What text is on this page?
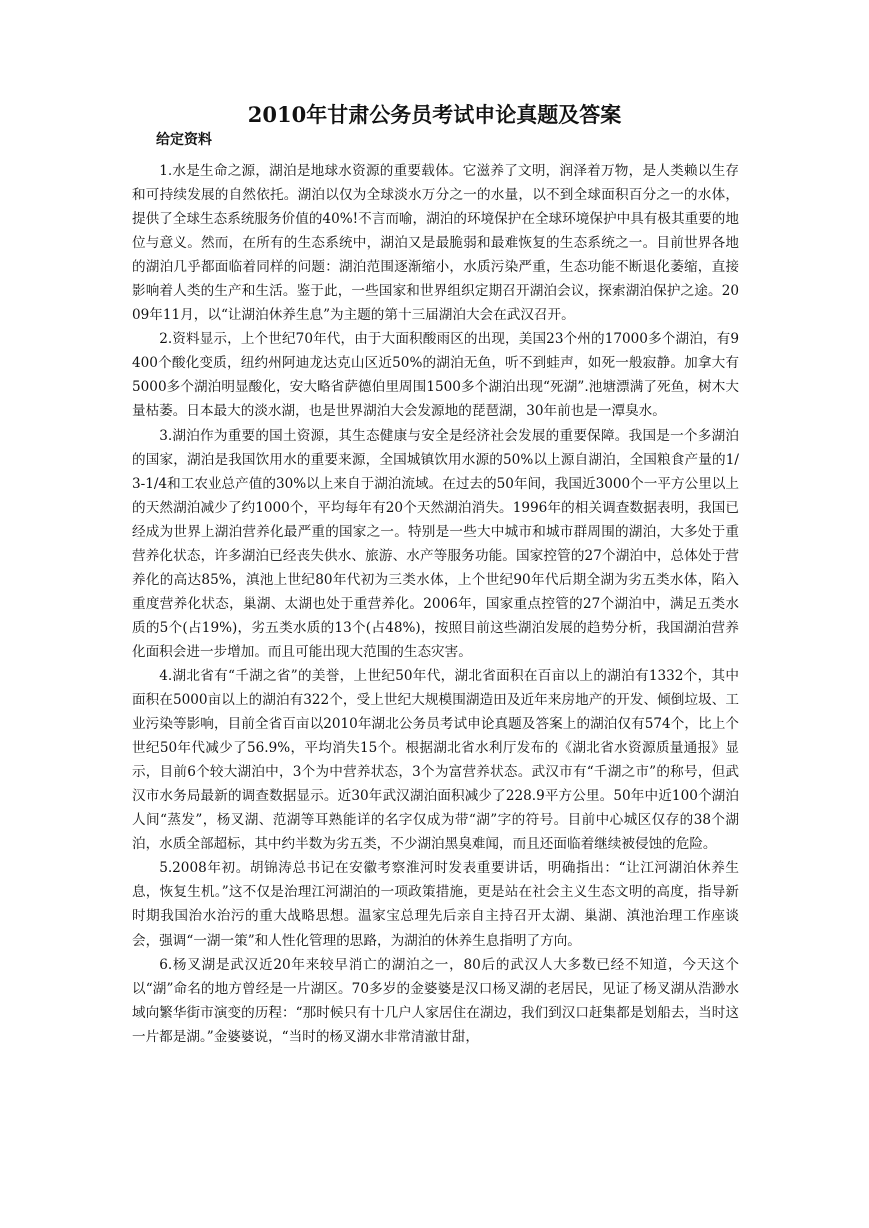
2010年甘肃公务员考试申论真题及答案
给定资料

1.水是生命之源，湖泊是地球水资源的重要载体。它滋养了文明，润泽着万物，是人类赖以生存和可持续发展的自然依托。湖泊以仅为全球淡水万分之一的水量，以不到全球面积百分之一的水体，提供了全球生态系统服务价值的40%!不言而喻，湖泊的环境保护在全球环境保护中具有极其重要的地位与意义。然而，在所有的生态系统中，湖泊又是最脆弱和最难恢复的生态系统之一。目前世界各地的湖泊几乎都面临着同样的问题：湖泊范围逐渐缩小，水质污染严重，生态功能不断退化萎缩，直接影响着人类的生产和生活。鉴于此，一些国家和世界组织定期召开湖泊会议，探索湖泊保护之途。2009年11月，以“让湖泊休养生息”为主题的第十三届湖泊大会在武汉召开。

2.资料显示，上个世纪70年代，由于大面积酸雨区的出现，美国23个州的17000多个湖泊，有9400个酸化变质，纽约州阿迪龙达克山区近50%的湖泊无鱼，听不到蛙声，如死一般寂静。加拿大有5000多个湖泊明显酸化，安大略省萨德伯里周围1500多个湖泊出现“死湖”.池塘漂满了死鱼，树木大量枯萎。日本最大的淡水湖，也是世界湖泊大会发源地的琵琶湖，30年前也是一潭臭水。

3.湖泊作为重要的国土资源，其生态健康与安全是经济社会发展的重要保障。我国是一个多湖泊的国家，湖泊是我国饮用水的重要来源，全国城镇饮用水源的50%以上源自湖泊，全国粮食产量的1/3-1/4和工农业总产值的30%以上来自于湖泊流域。在过去的50年间，我国近3000个一平方公里以上的天然湖泊减少了约1000个，平均每年有20个天然湖泊消失。1996年的相关调查数据表明，我国已经成为世界上湖泊营养化最严重的国家之一。特别是一些大中城市和城市群周围的湖泊，大多处于重营养化状态，许多湖泊已经丧失供水、旅游、水产等服务功能。国家控管的27个湖泊中，总体处于营养化的高达85%，滇池上世纪80年代初为三类水体，上个世纪90年代后期全湖为劣五类水体，陷入重度营养化状态，巢湖、太湖也处于重营养化。2006年，国家重点控管的27个湖泊中，满足五类水质的5个(占19%)，劣五类水质的13个(占48%)，按照目前这些湖泊发展的趋势分析，我国湖泊营养化面积会进一步增加。而且可能出现大范围的生态灾害。

4.湖北省有“千湖之省”的美誉，上世纪50年代，湖北省面积在百亩以上的湖泊有1332个，其中面积在5000亩以上的湖泊有322个，受上世纪大规模围湖造田及近年来房地产的开发、倾倒垃圾、工业污染等影响，目前全省百亩以2010年湖北公务员考试申论真题及答案上的湖泊仅有574个，比上个世纪50年代减少了56.9%，平均消失15个。根据湖北省水利厅发布的《湖北省水资源质量通报》显示，目前6个较大湖泊中，3个为中营养状态，3个为富营养状态。武汉市有“千湖之市”的称号，但武汉市水务局最新的调查数据显示。近30年武汉湖泊面积减少了228.9平方公里。50年中近100个湖泊人间“蒸发”，杨叉湖、范湖等耳熟能详的名字仅成为带“湖”字的符号。目前中心城区仅存的38个湖泊，水质全部超标，其中约半数为劣五类，不少湖泊黑臭难闻，而且还面临着继续被侵蚀的危险。

5.2008年初。胡锦涛总书记在安徽考察淮河时发表重要讲话，明确指出：“让江河湖泊休养生息，恢复生机。”这不仅是治理江河湖泊的一项政策措施，更是站在社会主义生态文明的高度，指导新时期我国治水治污的重大战略思想。温家宝总理先后亲自主持召开太湖、巢湖、滇池治理工作座谈会，强调“一湖一策”和人性化管理的思路，为湖泊的休养生息指明了方向。

6.杨叉湖是武汉近20年来较早消亡的湖泊之一，80后的武汉人大多数已经不知道，今天这个以“湖”命名的地方曾经是一片湖区。70多岁的金婆婆是汉口杨叉湖的老居民，见证了杨叉湖从浩渺水域向繁华街市演变的历程：“那时候只有十几户人家居住在湖边，我们到汉口赶集都是划船去，当时这一片都是湖。”金婆婆说，“当时的杨叉湖水非常清澈甘甜，
